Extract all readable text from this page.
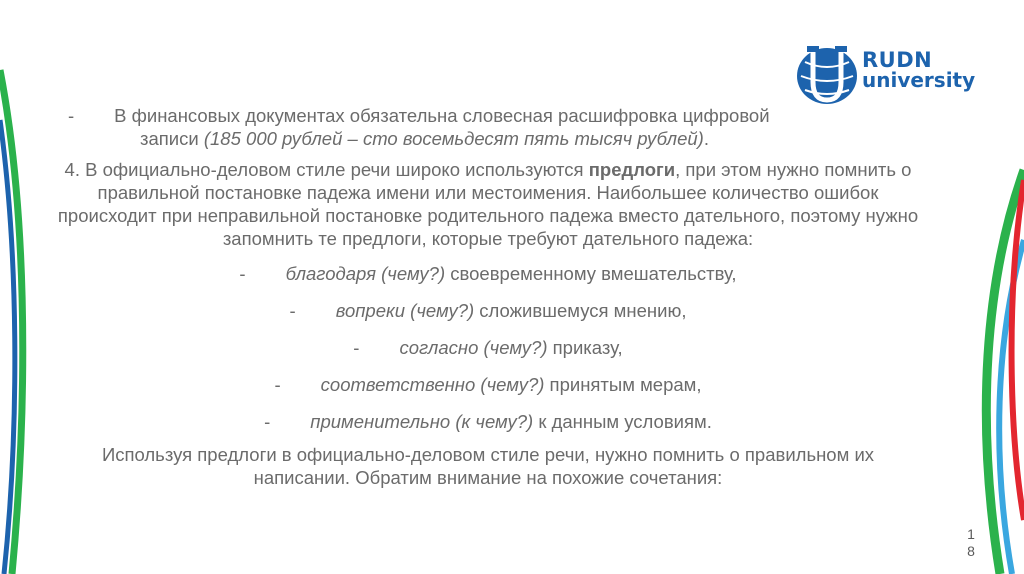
RUDN
university
- В финансовых документах обязательна словесная расшифровка цифровой
записи (185 000 рублей – сто восемьдесят пять тысяч рублей).
4. В официально-деловом стиле речи широко используются предлоги, при этом нужно помнить о правильной постановке падежа имени или местоимения. Наибольшее количество ошибок происходит при неправильной постановке родительного падежа вместо дательного, поэтому нужно запомнить те предлоги, которые требуют дательного падежа:
- благодаря (чему?) своевременному вмешательству,
- вопреки (чему?) сложившемуся мнению,
- согласно (чему?) приказу,
- соответственно (чему?) принятым мерам,
- применительно (к чему?) к данным условиям.
Используя предлоги в официально-деловом стиле речи, нужно помнить о правильном их написании. Обратим внимание на похожие сочетания:
1
8
